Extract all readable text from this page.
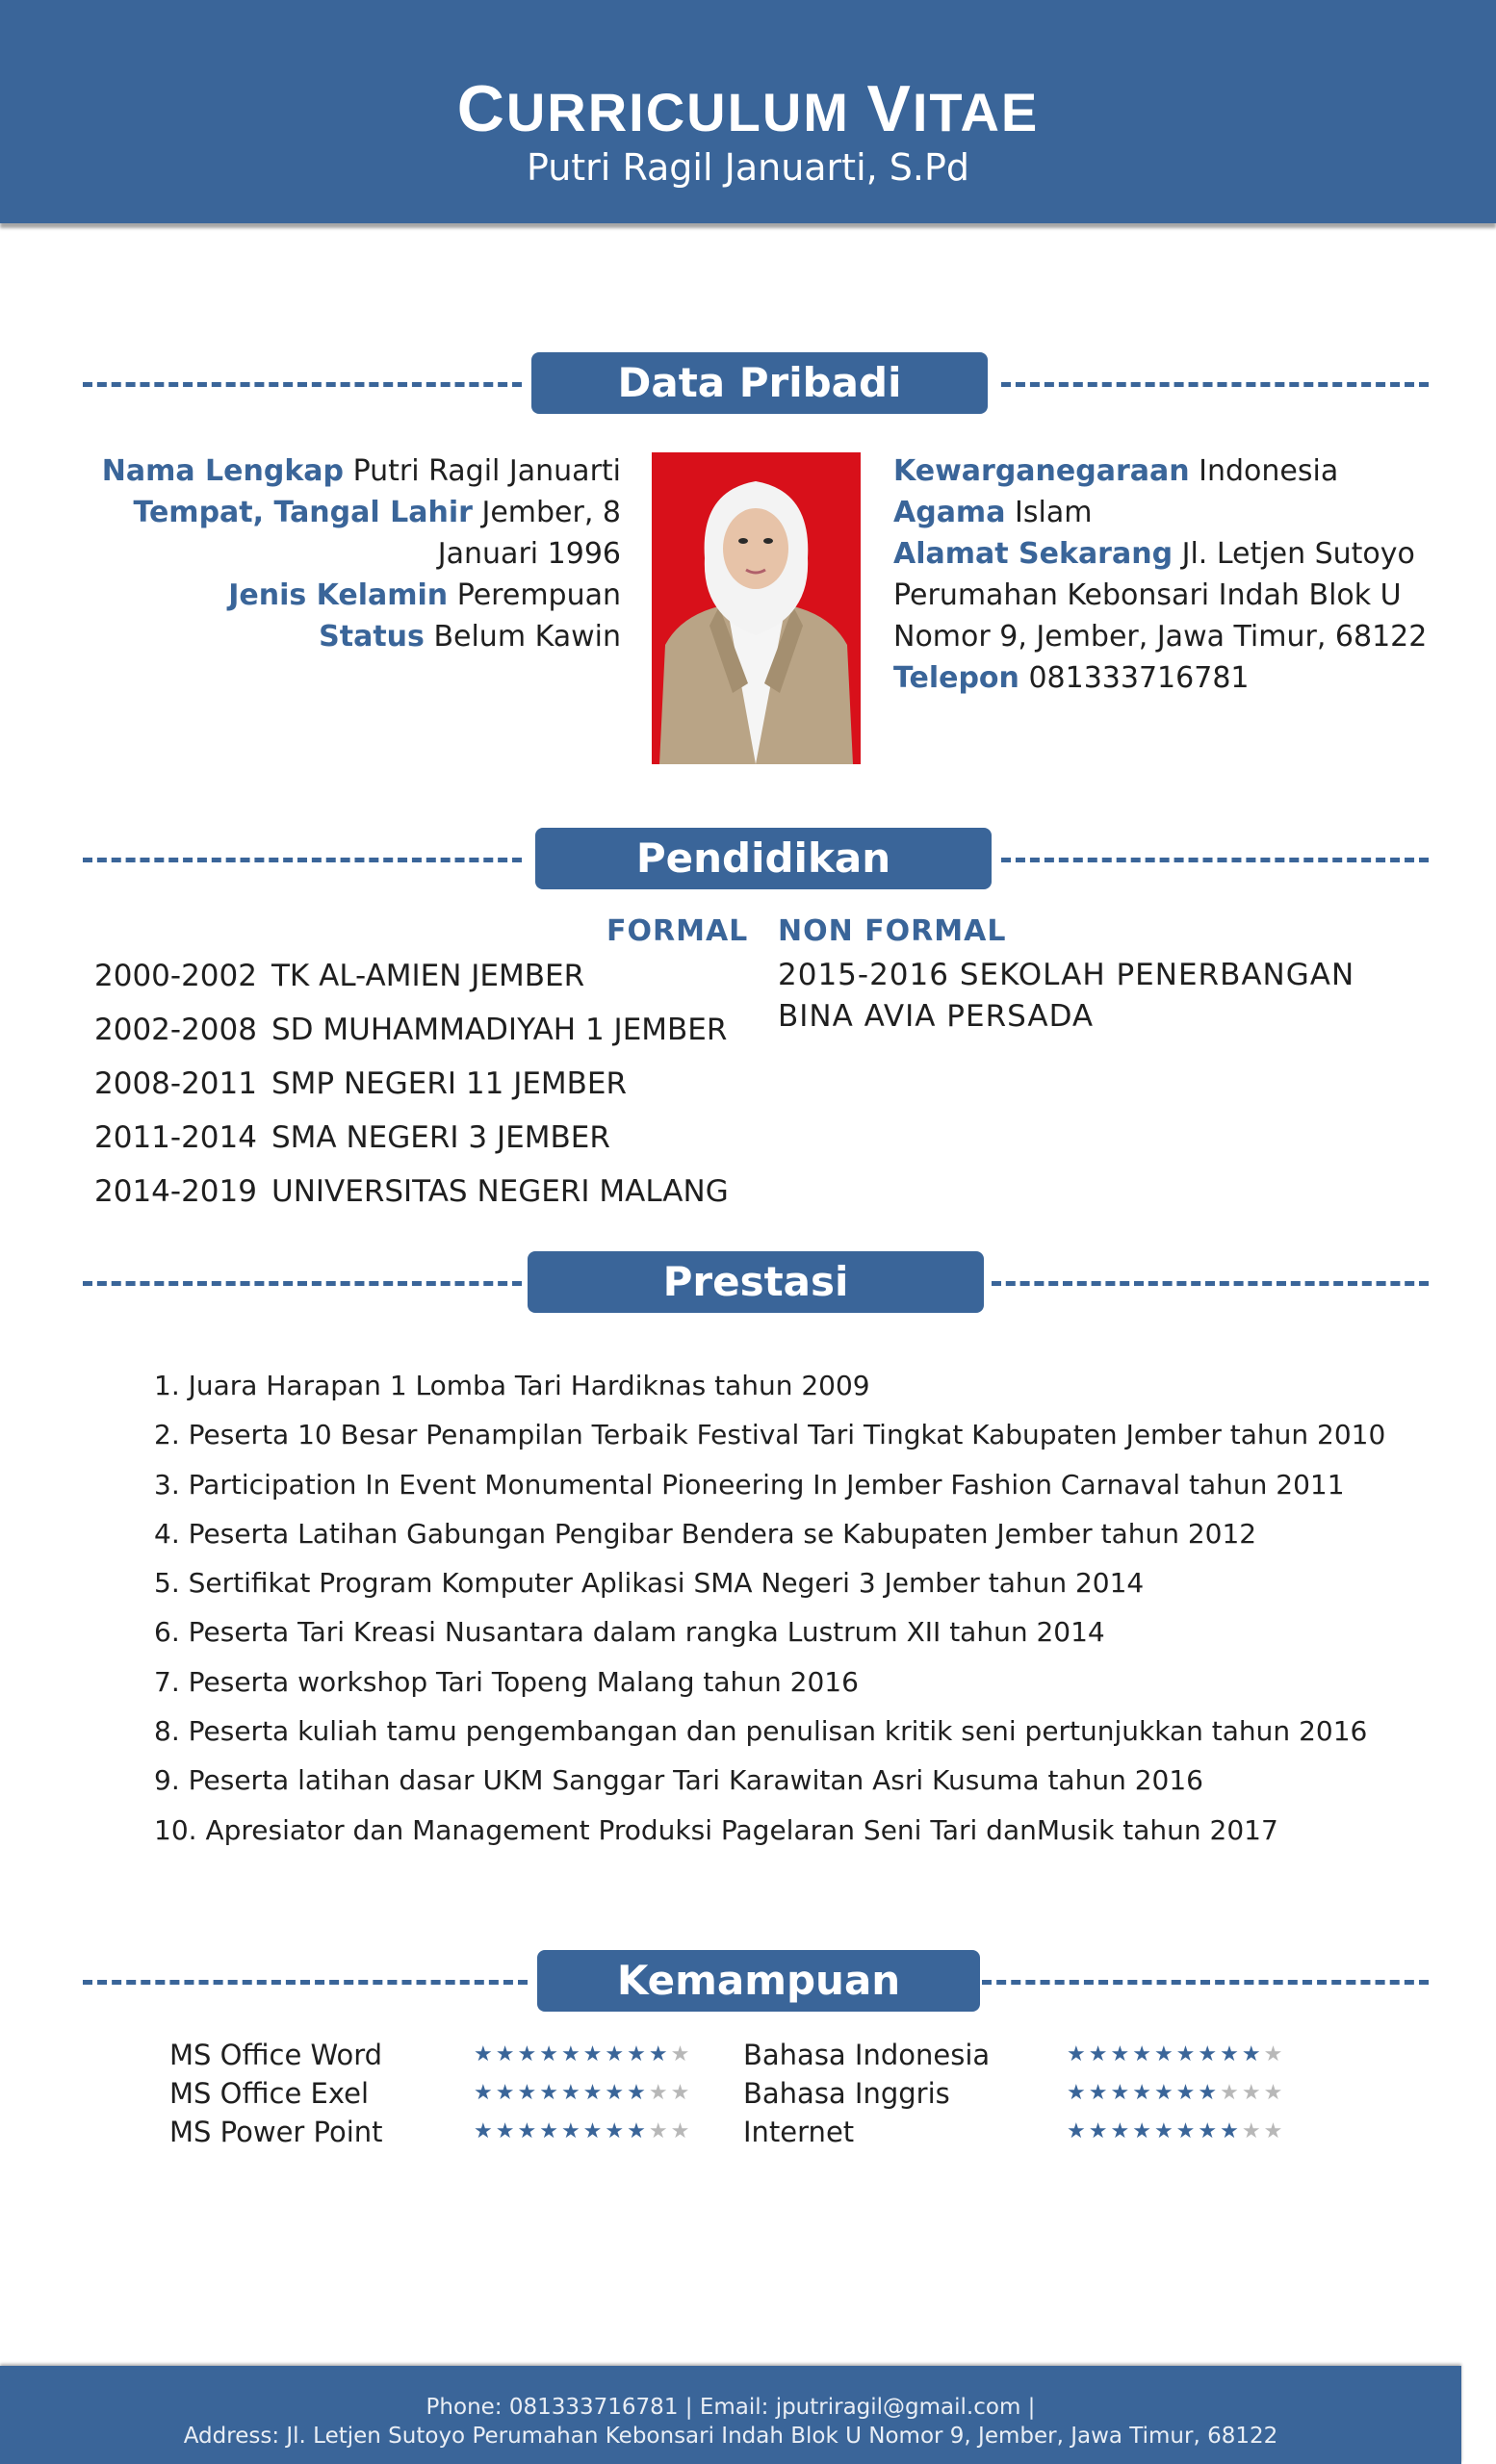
CURRICULUM VITAE
Putri Ragil Januarti, S.Pd
Data Pribadi
Nama Lengkap Putri Ragil Januarti
Tempat, Tangal Lahir Jember, 8
Januari 1996
Jenis Kelamin Perempuan
Status Belum Kawin
Kewarganegaraan Indonesia
Agama Islam
Alamat Sekarang Jl. Letjen Sutoyo
Perumahan Kebonsari Indah Blok U
Nomor 9, Jember, Jawa Timur, 68122
Telepon 081333716781
Pendidikan
FORMAL NON FORMAL
2000-2002 TK AL-AMIEN JEMBER
2002-2008 SD MUHAMMADIYAH 1 JEMBER
2008-2011 SMP NEGERI 11 JEMBER
2011-2014 SMA NEGERI 3 JEMBER
2014-2019 UNIVERSITAS NEGERI MALANG
2015-2016 SEKOLAH PENERBANGAN
BINA AVIA PERSADA
Prestasi
1. Juara Harapan 1 Lomba Tari Hardiknas tahun 2009
2. Peserta 10 Besar Penampilan Terbaik Festival Tari Tingkat Kabupaten Jember tahun 2010
3. Participation In Event Monumental Pioneering In Jember Fashion Carnaval tahun 2011
4. Peserta Latihan Gabungan Pengibar Bendera se Kabupaten Jember tahun 2012
5. Sertifikat Program Komputer Aplikasi SMA Negeri 3 Jember tahun 2014
6. Peserta Tari Kreasi Nusantara dalam rangka Lustrum XII tahun 2014
7. Peserta workshop Tari Topeng Malang tahun 2016
8. Peserta kuliah tamu pengembangan dan penulisan kritik seni pertunjukkan tahun 2016
9. Peserta latihan dasar UKM Sanggar Tari Karawitan Asri Kusuma tahun 2016
10. Apresiator dan Management Produksi Pagelaran Seni Tari danMusik tahun 2017
Kemampuan
MS Office Word	★★★★★★★★★★
MS Office Exel	★★★★★★★★★★
MS Power Point	★★★★★★★★★★
Bahasa Indonesia	★★★★★★★★★★
Bahasa Inggris	★★★★★★★★★★
Internet	★★★★★★★★★★
Phone: 081333716781 | Email: jputriragil@gmail.com |
Address: Jl. Letjen Sutoyo Perumahan Kebonsari Indah Blok U Nomor 9, Jember, Jawa Timur, 68122
